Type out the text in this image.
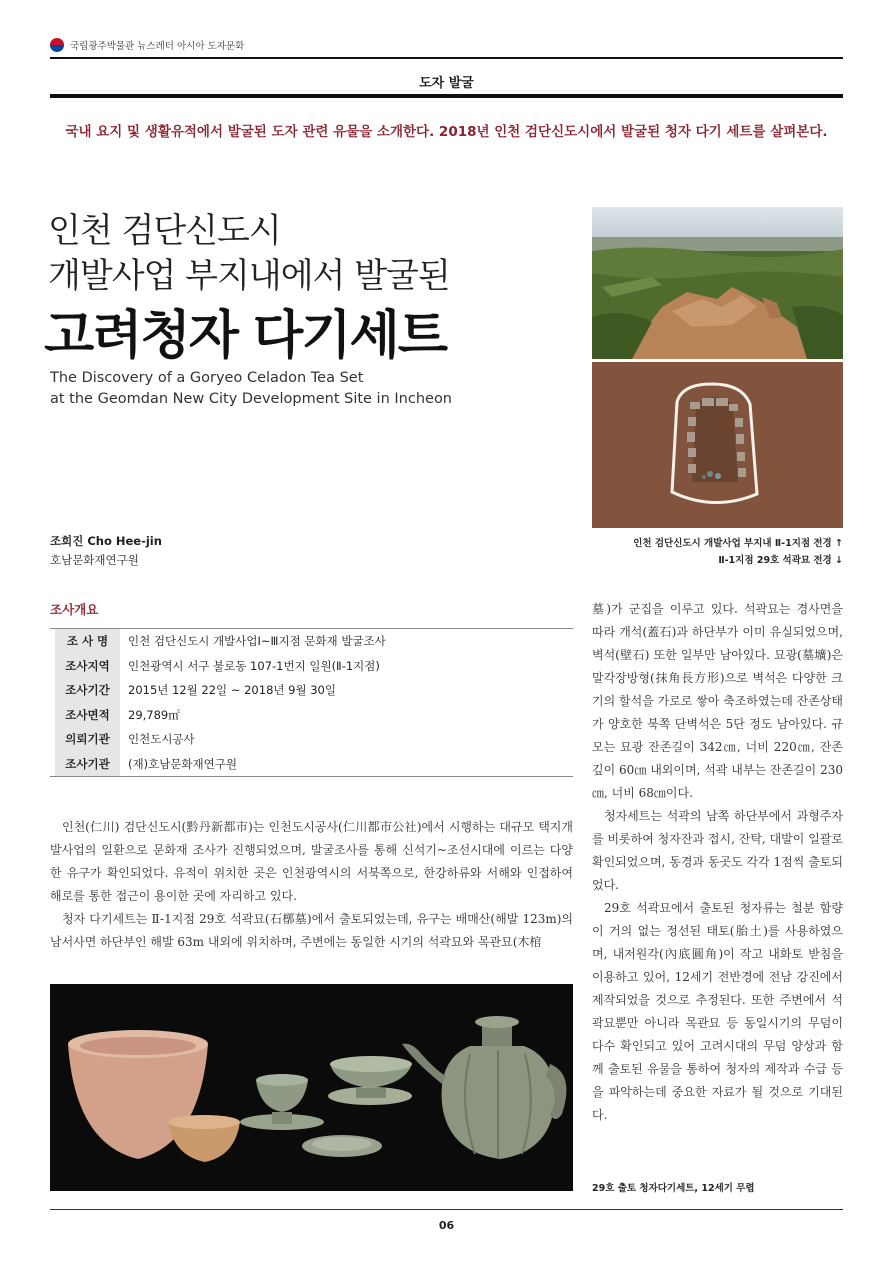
국립광주박물관 뉴스레터 아시아 도자문화
도자 발굴
국내 요지 및 생활유적에서 발굴된 도자 관련 유물을 소개한다. 2018년 인천 검단신도시에서 발굴된 청자 다기 세트를 살펴본다.
인천 검단신도시
개발사업 부지내에서 발굴된
고려청자 다기세트
The Discovery of a Goryeo Celadon Tea Set
at the Geomdan New City Development Site in Incheon
조희진 Cho Hee-jin
호남문화재연구원
인천 검단신도시 개발사업 부지내 Ⅱ-1지점 전경 ↑
Ⅱ-1지점 29호 석곽묘 전경 ↓
조사개요
조 사 명	인천 검단신도시 개발사업Ⅰ~Ⅲ지점 문화재 발굴조사
조사지역	인천광역시 서구 불로동 107-1번지 일원(Ⅱ-1지점)
조사기간	2015년 12월 22일 ~ 2018년 9월 30일
조사면적	29,789㎡
의뢰기관	인천도시공사
조사기관	(재)호남문화재연구원

인천(仁川) 검단신도시(黔丹新都市)는 인천도시공사(仁川都市公社)에서 시행하는 대규모 택지개발사업의 일환으로 문화재 조사가 진행되었으며, 발굴조사를 통해 신석기~조선시대에 이르는 다양한 유구가 확인되었다. 유적이 위치한 곳은 인천광역시의 서북쪽으로, 한강하류와 서해와 인접하여 해로를 통한 접근이 용이한 곳에 자리하고 있다.

청자 다기세트는 Ⅱ-1지점 29호 석곽묘(石槨墓)에서 출토되었는데, 유구는 배매산(해발 123m)의 남서사면 하단부인 해발 63m 내외에 위치하며, 주변에는 동일한 시기의 석곽묘와 목관묘(木棺

墓)가 군집을 이루고 있다. 석곽묘는 경사면을 따라 개석(蓋石)과 하단부가 이미 유실되었으며, 벽석(壁石) 또한 일부만 남아있다. 묘광(墓壙)은 말각장방형(抹角長方形)으로 벽석은 다양한 크기의 할석을 가로로 쌓아 축조하였는데 잔존상태가 양호한 북쪽 단벽석은 5단 정도 남아있다. 규모는 묘광 잔존길이 342㎝, 너비 220㎝, 잔존깊이 60㎝ 내외이며, 석곽 내부는 잔존길이 230㎝, 너비 68㎝이다.

청자세트는 석곽의 남쪽 하단부에서 과형주자를 비롯하여 청자잔과 접시, 잔탁, 대발이 일괄로 확인되었으며, 동경과 동곳도 각각 1점씩 출토되었다.

29호 석곽묘에서 출토된 청자류는 철분 함량이 거의 없는 정선된 태토(胎土)를 사용하였으며, 내저원각(內底圓角)이 작고 내화토 받침을 이용하고 있어, 12세기 전반경에 전남 강진에서 제작되었을 것으로 추정된다. 또한 주변에서 석곽묘뿐만 아니라 목관묘 등 동일시기의 무덤이 다수 확인되고 있어 고려시대의 무덤 양상과 함께 출토된 유물을 통하여 청자의 제작과 수급 등을 파악하는데 중요한 자료가 될 것으로 기대된다.

29호 출토 청자다기세트, 12세기 무렵
06
